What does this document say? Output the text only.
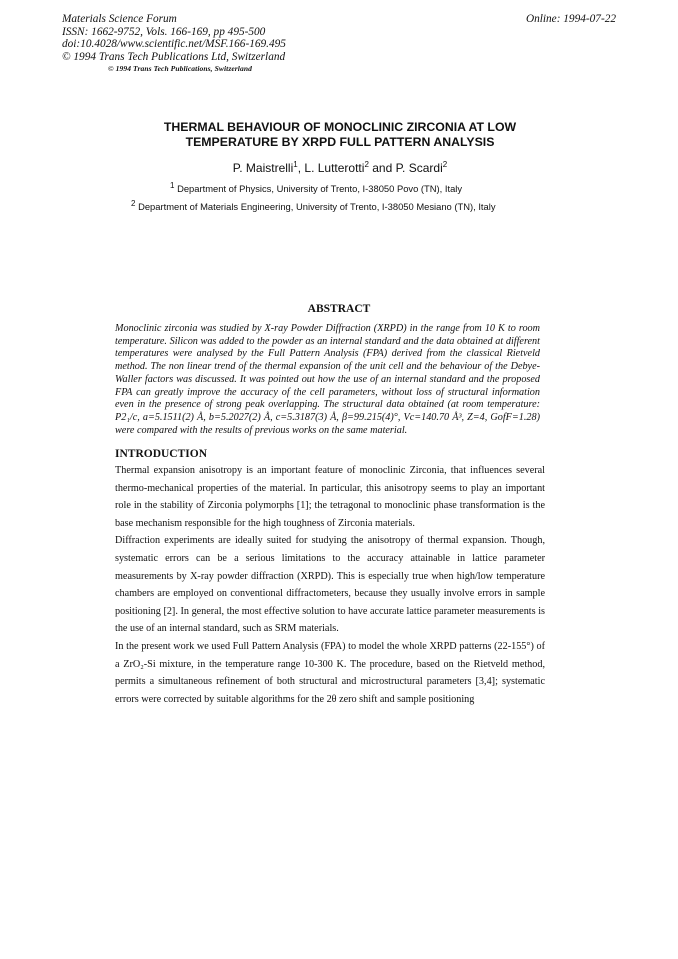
Materials Science Forum
ISSN: 1662-9752, Vols. 166-169, pp 495-500
doi:10.4028/www.scientific.net/MSF.166-169.495
© 1994 Trans Tech Publications Ltd, Switzerland
Online: 1994-07-22
© 1994 Trans Tech Publications, Switzerland
THERMAL BEHAVIOUR OF MONOCLINIC ZIRCONIA AT LOW
TEMPERATURE BY XRPD FULL PATTERN ANALYSIS
P. Maistrelli$^1$, L. Lutterotti$^2$ and P. Scardi$^2$
$^1$ Department of Physics, University of Trento, I-38050 Povo (TN), Italy
$^2$ Department of Materials Engineering, University of Trento, I-38050 Mesiano (TN), Italy
ABSTRACT
Monoclinic zirconia was studied by X-ray Powder Diffraction (XRPD) in the range from 10 K to room temperature. Silicon was added to the powder as an internal standard and the data obtained at different temperatures were analysed by the Full Pattern Analysis (FPA) derived from the classical Rietveld method. The non linear trend of the thermal expansion of the unit cell and the behaviour of the Debye-Waller factors was discussed. It was pointed out how the use of an internal standard and the proposed FPA can greatly improve the accuracy of the cell parameters, without loss of structural information even in the presence of strong peak overlapping. The structural data obtained (at room temperature: P2₁/c, a=5.1511(2) Å, b=5.2027(2) Å, c=5.3187(3) Å, β=99.215(4)°, Vc=140.70 Å³, Z=4, GofF=1.28) were compared with the results of previous works on the same material.
INTRODUCTION

Thermal expansion anisotropy is an important feature of monoclinic Zirconia, that influences several thermo-mechanical properties of the material. In particular, this anisotropy seems to play an important role in the stability of Zirconia polymorphs [1]; the tetragonal to monoclinic phase transformation is the base mechanism responsible for the high toughness of Zirconia materials.

Diffraction experiments are ideally suited for studying the anisotropy of thermal expansion. Though, systematic errors can be a serious limitations to the accuracy attainable in lattice parameter measurements by X-ray powder diffraction (XRPD). This is especially true when high/low temperature chambers are employed on conventional diffractometers, because they usually involve errors in sample positioning [2]. In general, the most effective solution to have accurate lattice parameter measurements is the use of an internal standard, such as SRM materials.

In the present work we used Full Pattern Analysis (FPA) to model the whole XRPD patterns (22-155°) of a ZrO₂-Si mixture, in the temperature range 10-300 K. The procedure, based on the Rietveld method, permits a simultaneous refinement of both structural and microstructural parameters [3,4]; systematic errors were corrected by suitable algorithms for the 2θ zero shift and sample positioning
